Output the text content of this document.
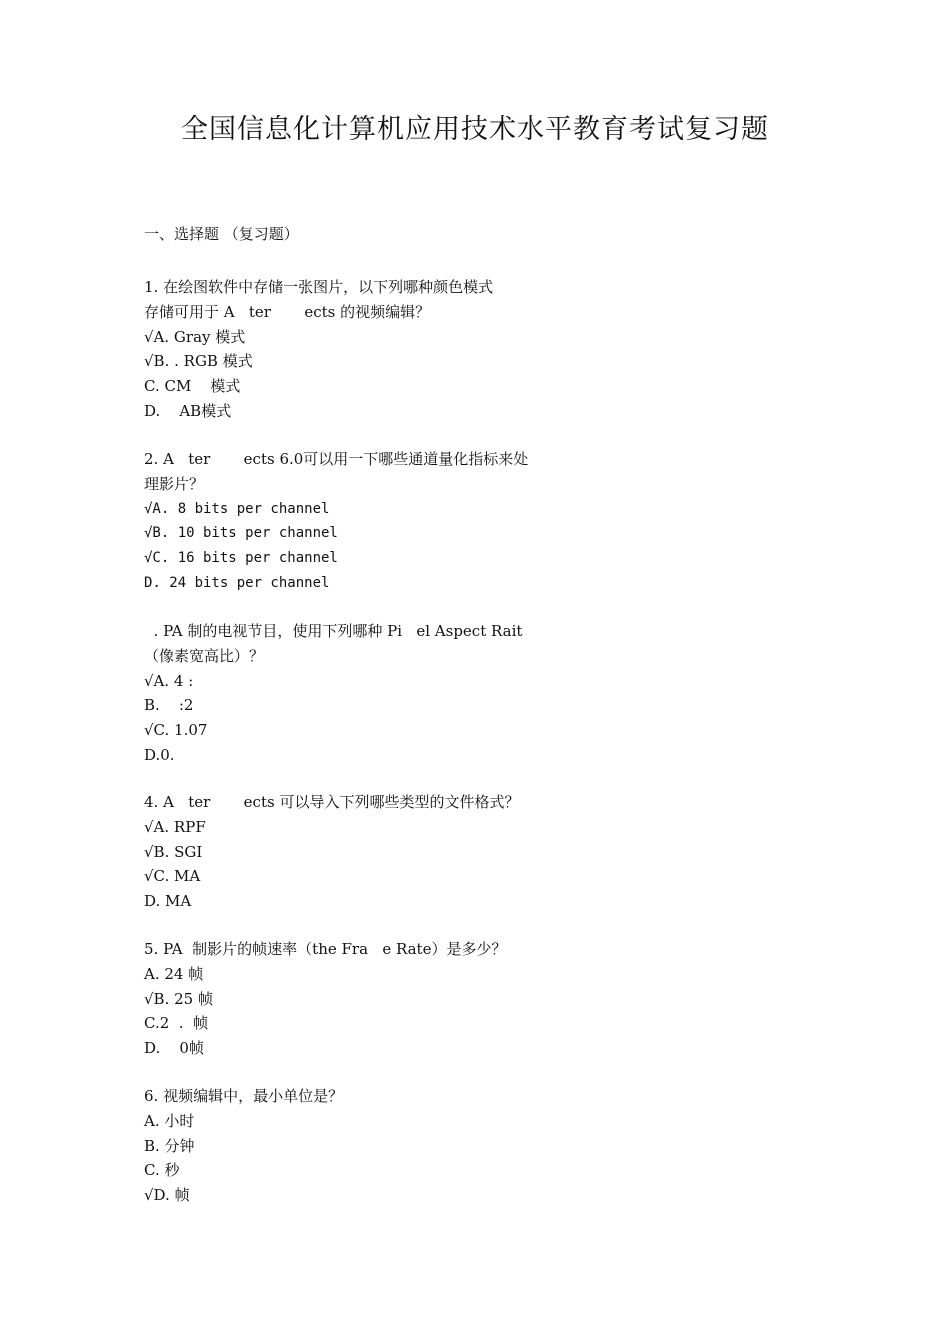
全国信息化计算机应用技术水平教育考试复习题
一、选择题 （复习题）
1. 在绘图软件中存储一张图片，以下列哪种颜色模式
存储可用于 A   ter       ects 的视频编辑？
√A. Gray 模式
√B. . RGB 模式
C. CM    模式
D.    AB模式
2. A   ter       ects 6.0可以用一下哪些通道量化指标来处
理影片？
√A. 8 bits per channel
√B. 10 bits per channel
√C. 16 bits per channel
D. 24 bits per channel
. PA 制的电视节目，使用下列哪种 Pi   el Aspect Rait
（像素宽高比）？
√A. 4 :
B.    :2
√C. 1.07
D.0.
4. A   ter       ects 可以导入下列哪些类型的文件格式？
√A. RPF
√B. SGI
√C. MA
D. MA
5. PA  制影片的帧速率（the Fra   e Rate）是多少？
A. 24 帧
√B. 25 帧
C.2  .  帧
D.    0帧
6. 视频编辑中，最小单位是？
A. 小时
B. 分钟
C. 秒
√D. 帧
